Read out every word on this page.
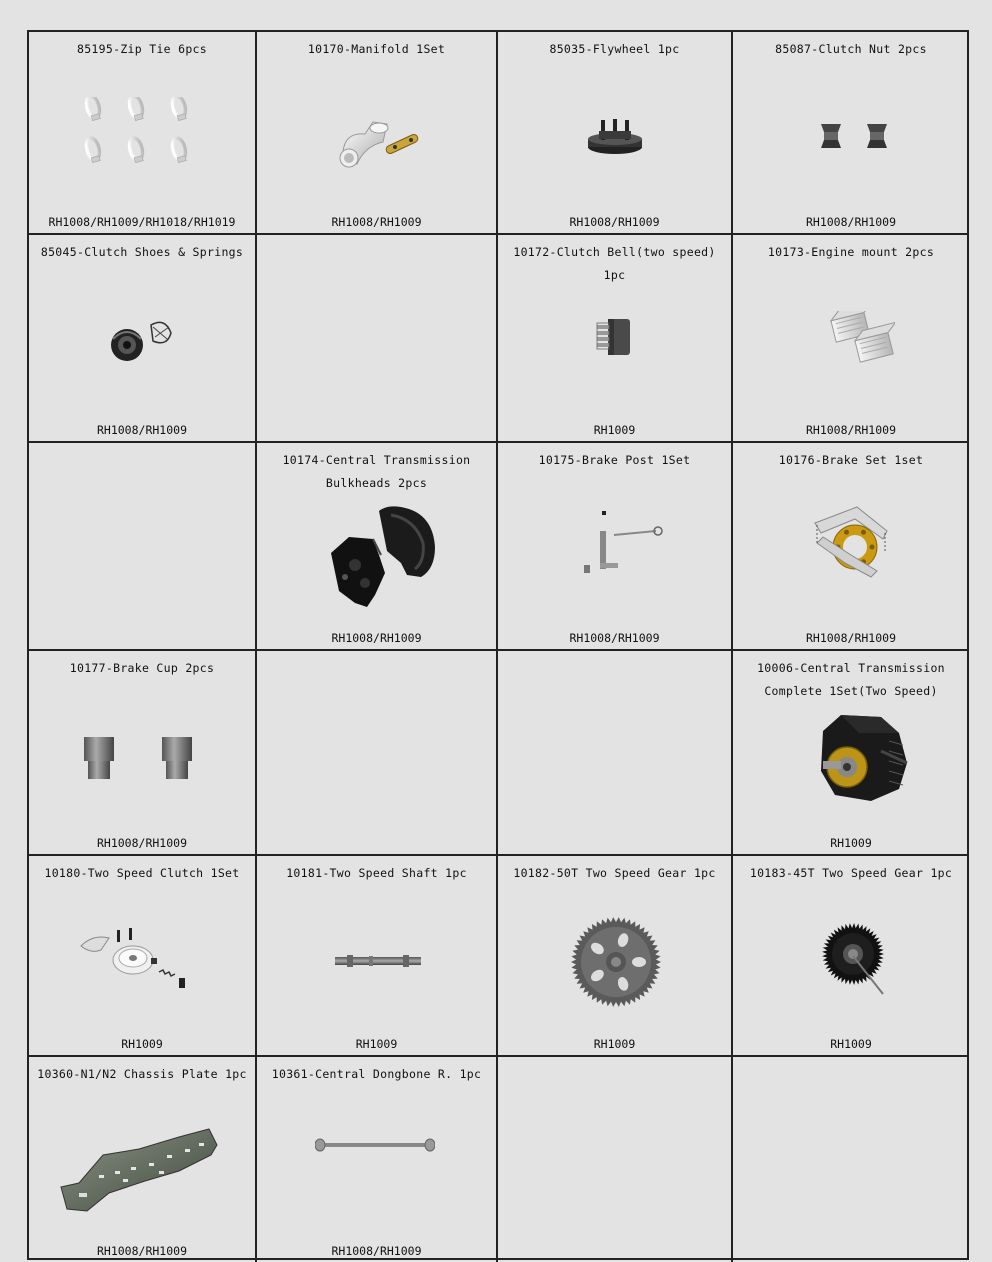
85195-Zip Tie 6pcs
RH1008/RH1009/RH1018/RH1019
10170-Manifold 1Set
RH1008/RH1009
85035-Flywheel 1pc
RH1008/RH1009
85087-Clutch Nut 2pcs
RH1008/RH1009
85045-Clutch Shoes & Springs
RH1008/RH1009
10172-Clutch Bell(two speed) 1pc
RH1009
10173-Engine mount 2pcs
RH1008/RH1009
10174-Central Transmission Bulkheads 2pcs
RH1008/RH1009
10175-Brake Post 1Set
RH1008/RH1009
10176-Brake Set 1set
RH1008/RH1009
10177-Brake Cup 2pcs
RH1008/RH1009
10006-Central Transmission Complete 1Set(Two Speed)
RH1009
10180-Two Speed Clutch 1Set
RH1009
10181-Two Speed Shaft 1pc
RH1009
10182-50T Two Speed Gear 1pc
RH1009
10183-45T Two Speed Gear 1pc
RH1009
10360-N1/N2 Chassis Plate 1pc
RH1008/RH1009
10361-Central Dongbone R. 1pc
RH1008/RH1009
